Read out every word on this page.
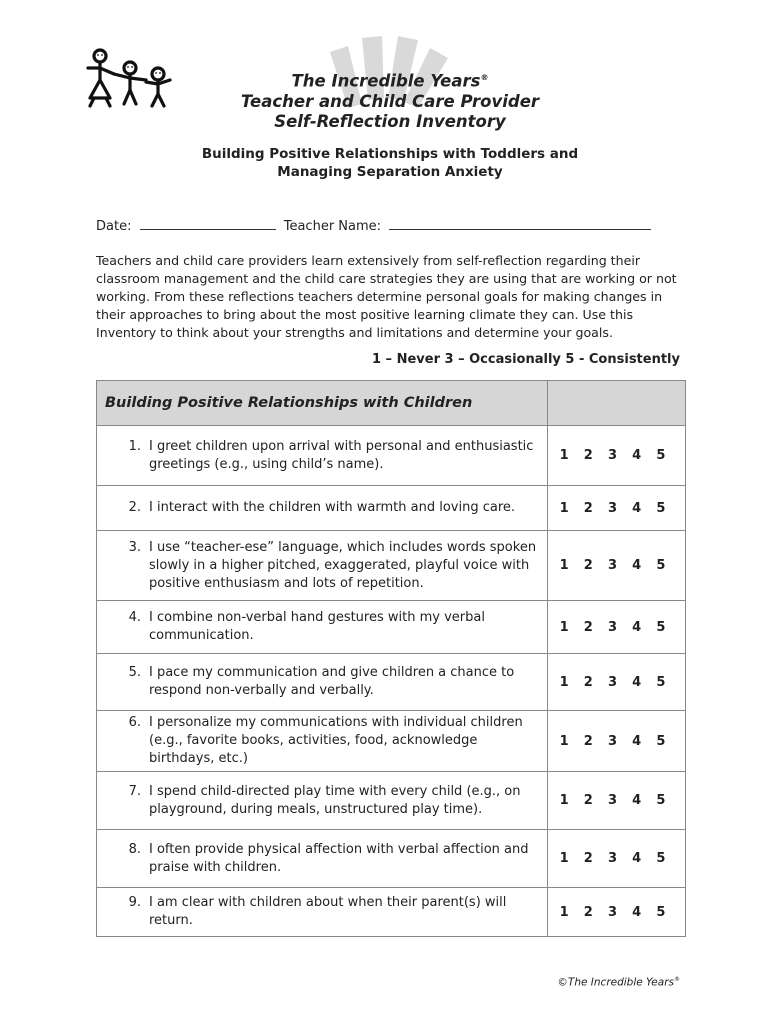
The Incredible Years®
Teacher and Child Care Provider
Self-Reflection Inventory
Building Positive Relationships with Toddlers and
Managing Separation Anxiety
Date:	Teacher Name:
Teachers and child care providers learn extensively from self-reflection regarding their classroom management and the child care strategies they are using that are working or not working. From these reflections teachers determine personal goals for making changes in their approaches to bring about the most positive learning climate they can. Use this Inventory to think about your strengths and limitations and determine your goals.
1 – Never 3 – Occasionally 5 - Consistently
Building Positive Relationships with Children	

1. I greet children upon arrival with personal and enthusiastic greetings (e.g., using child’s name).	1 2 3 4 5

2. I interact with the children with warmth and loving care.	1 2 3 4 5

3. I use “teacher-ese” language, which includes words spoken slowly in a higher pitched, exaggerated, playful voice with positive enthusiasm and lots of repetition.	1 2 3 4 5

4. I combine non-verbal hand gestures with my verbal communication.	1 2 3 4 5

5. I pace my communication and give children a chance to respond non-verbally and verbally.	1 2 3 4 5

6. I personalize my communications with individual children (e.g., favorite books, activities, food, acknowledge birthdays, etc.)	1 2 3 4 5

7. I spend child-directed play time with every child (e.g., on playground, during meals, unstructured play time).	1 2 3 4 5

8. I often provide physical affection with verbal affection and praise with children.	1 2 3 4 5

9. I am clear with children about when their parent(s) will return.	1 2 3 4 5
©The Incredible Years®
